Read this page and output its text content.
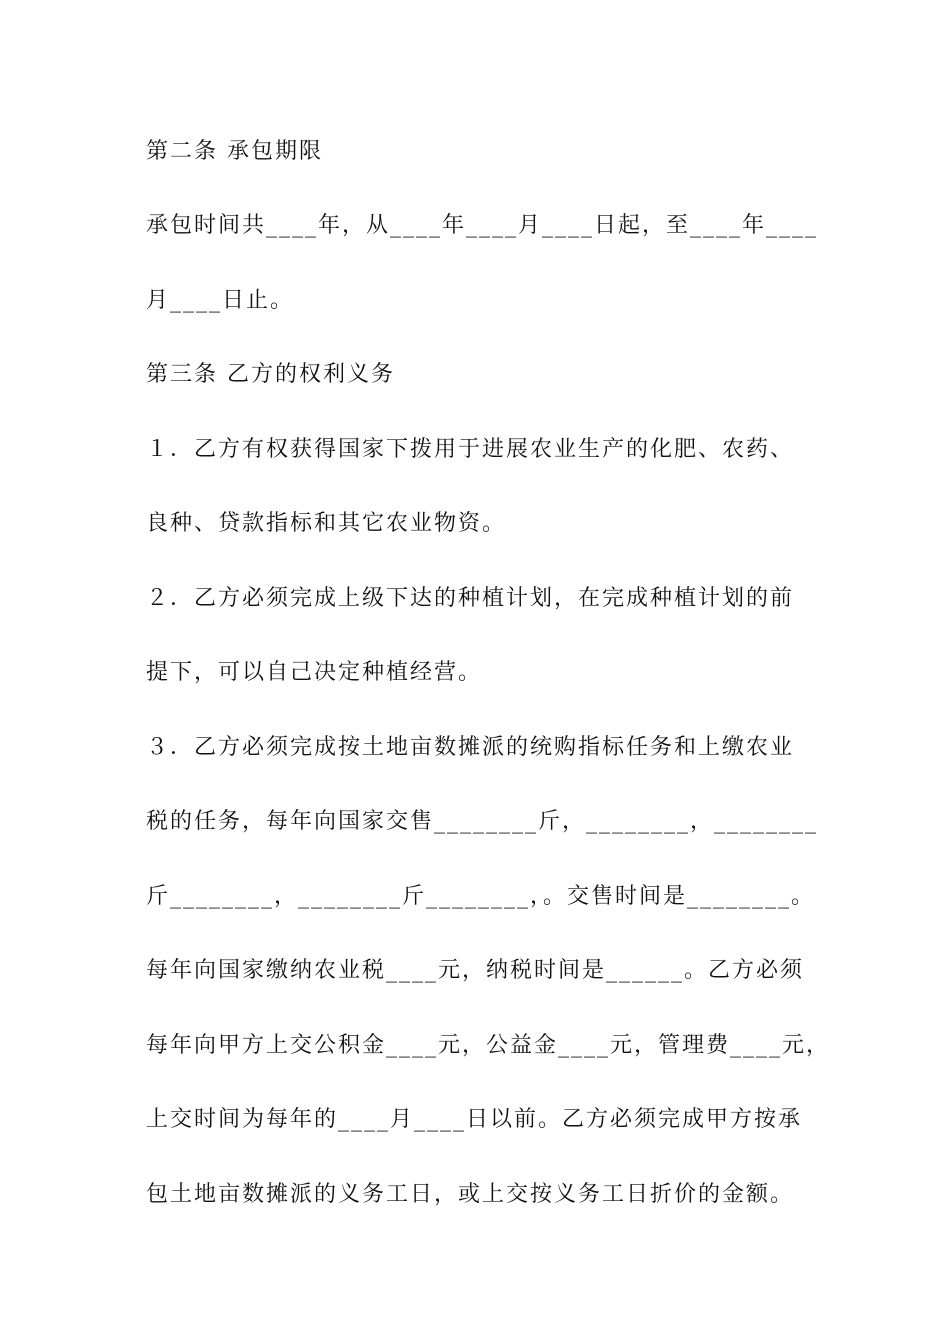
第二条 承包期限

承包时间共____年，从____年____月____日起，至____年____

月____日止。

第三条 乙方的权利义务

１．乙方有权获得国家下拨用于进展农业生产的化肥、农药、

良种、贷款指标和其它农业物资。

２．乙方必须完成上级下达的种植计划，在完成种植计划的前

提下，可以自己决定种植经营。

３．乙方必须完成按土地亩数摊派的统购指标任务和上缴农业

税的任务，每年向国家交售________斤，________，________

斤________，________斤________，。交售时间是________。

每年向国家缴纳农业税____元，纳税时间是______。乙方必须

每年向甲方上交公积金____元，公益金____元，管理费____元，

上交时间为每年的____月____日以前。乙方必须完成甲方按承

包土地亩数摊派的义务工日，或上交按义务工日折价的金额。
